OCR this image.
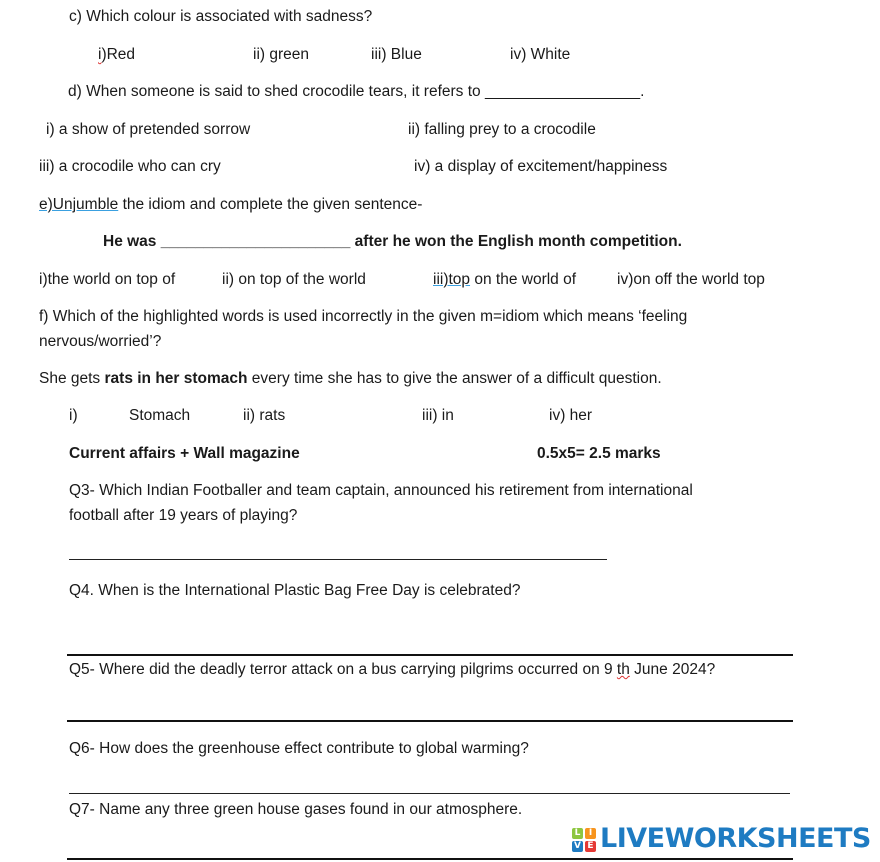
c) Which colour is associated with sadness?
i)Red	ii) green	iii) Blue	iv) White
d) When someone is said to shed crocodile tears, it refers to __________________.
i) a show of pretended sorrow	ii) falling prey to a crocodile
iii) a crocodile who can cry	iv) a display of excitement/happiness
e)Unjumble the idiom and complete the given sentence-
He was ______________________ after he won the English month competition.
i)the world on top of	ii) on top of the world	iii)top on the world of	iv)on off the world top
f) Which of the highlighted words is used incorrectly in the given m=idiom which means ‘feeling
nervous/worried’?
She gets rats in her stomach every time she has to give the answer of a difficult question.
i)	Stomach	ii) rats	iii) in	iv) her
Current affairs + Wall magazine	0.5x5= 2.5 marks
Q3- Which Indian Footballer and team captain, announced his retirement from international
football after 19 years of playing?
Q4. When is the International Plastic Bag Free Day is celebrated?
Q5- Where did the deadly terror attack on a bus carrying pilgrims occurred on 9 th June 2024?
Q6- How does the greenhouse effect contribute to global warming?
Q7- Name any three green house gases found in our atmosphere.
L I
V E LIVEWORKSHEETS
